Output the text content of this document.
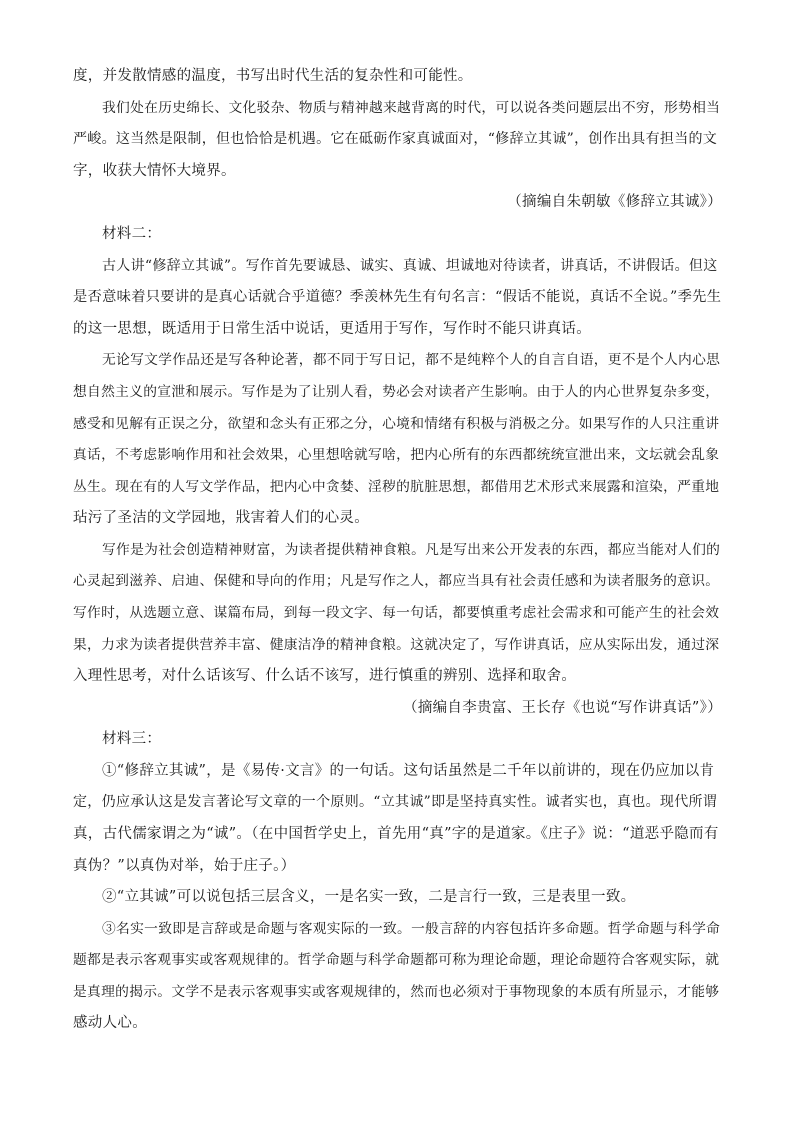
度，并发散情感的温度，书写出时代生活的复杂性和可能性。
我们处在历史绵长、文化驳杂、物质与精神越来越背离的时代，可以说各类问题层出不穷，形势相当
严峻。这当然是限制，但也恰恰是机遇。它在砥砺作家真诚面对，“修辞立其诚”，创作出具有担当的文
字，收获大情怀大境界。
（摘编自朱朝敏《修辞立其诚》）
材料二：
古人讲“修辞立其诚”。写作首先要诚恳、诚实、真诚、坦诚地对待读者，讲真话，不讲假话。但这
是否意味着只要讲的是真心话就合乎道德？季羡林先生有句名言：“假话不能说，真话不全说。”季先生
的这一思想，既适用于日常生活中说话，更适用于写作，写作时不能只讲真话。
无论写文学作品还是写各种论著，都不同于写日记，都不是纯粹个人的自言自语，更不是个人内心思
想自然主义的宣泄和展示。写作是为了让别人看，势必会对读者产生影响。由于人的内心世界复杂多变，
感受和见解有正误之分，欲望和念头有正邪之分，心境和情绪有积极与消极之分。如果写作的人只注重讲
真话，不考虑影响作用和社会效果，心里想啥就写啥，把内心所有的东西都统统宣泄出来，文坛就会乱象
丛生。现在有的人写文学作品，把内心中贪婪、淫秽的肮脏思想，都借用艺术形式来展露和渲染，严重地
玷污了圣洁的文学园地，戕害着人们的心灵。
写作是为社会创造精神财富，为读者提供精神食粮。凡是写出来公开发表的东西，都应当能对人们的
心灵起到滋养、启迪、保健和导向的作用；凡是写作之人，都应当具有社会责任感和为读者服务的意识。
写作时，从选题立意、谋篇布局，到每一段文字、每一句话，都要慎重考虑社会需求和可能产生的社会效
果，力求为读者提供营养丰富、健康洁净的精神食粮。这就决定了，写作讲真话，应从实际出发，通过深
入理性思考，对什么话该写、什么话不该写，进行慎重的辨别、选择和取舍。
（摘编自李贵富、王长存《也说“写作讲真话”》）
材料三：
①“修辞立其诚”，是《易传·文言》的一句话。这句话虽然是二千年以前讲的，现在仍应加以肯
定，仍应承认这是发言著论写文章的一个原则。“立其诚”即是坚持真实性。诚者实也，真也。现代所谓
真，古代儒家谓之为“诚”。（在中国哲学史上，首先用“真”字的是道家。《庄子》说：“道恶乎隐而有
真伪？”以真伪对举，始于庄子。）
②“立其诚”可以说包括三层含义，一是名实一致，二是言行一致，三是表里一致。
③名实一致即是言辞或是命题与客观实际的一致。一般言辞的内容包括许多命题。哲学命题与科学命
题都是表示客观事实或客观规律的。哲学命题与科学命题都可称为理论命题，理论命题符合客观实际，就
是真理的揭示。文学不是表示客观事实或客观规律的，然而也必须对于事物现象的本质有所显示，才能够
感动人心。
